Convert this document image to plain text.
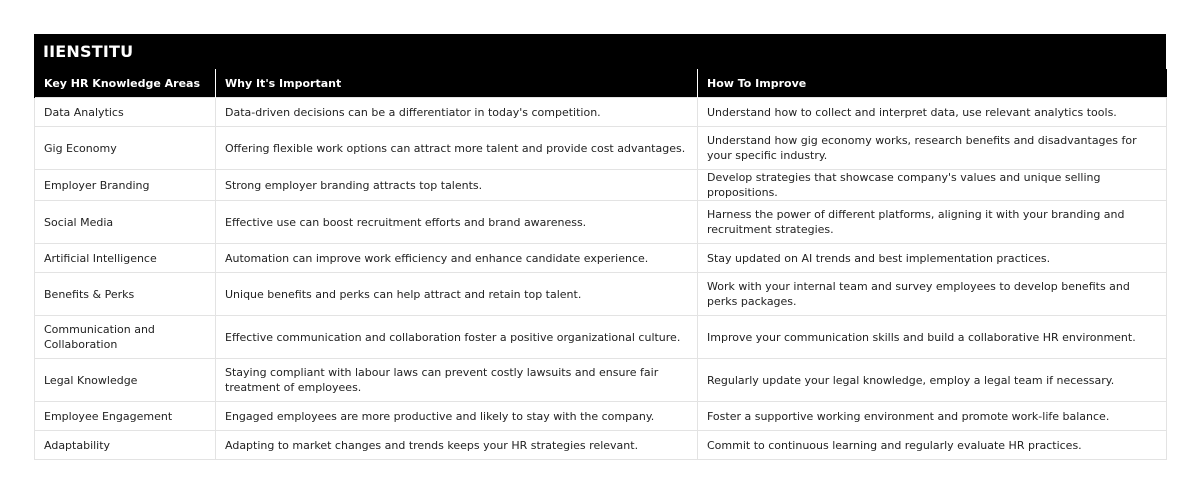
IIENSTITU
Key HR Knowledge Areas	Why It's Important	How To Improve
Data Analytics	Data-driven decisions can be a differentiator in today's competition.	Understand how to collect and interpret data, use relevant analytics tools.
Gig Economy	Offering flexible work options can attract more talent and provide cost advantages.	Understand how gig economy works, research benefits and disadvantages for your specific industry.
Employer Branding	Strong employer branding attracts top talents.	Develop strategies that showcase company's values and unique selling propositions.
Social Media	Effective use can boost recruitment efforts and brand awareness.	Harness the power of different platforms, aligning it with your branding and recruitment strategies.
Artificial Intelligence	Automation can improve work efficiency and enhance candidate experience.	Stay updated on AI trends and best implementation practices.
Benefits & Perks	Unique benefits and perks can help attract and retain top talent.	Work with your internal team and survey employees to develop benefits and perks packages.
Communication and Collaboration	Effective communication and collaboration foster a positive organizational culture.	Improve your communication skills and build a collaborative HR environment.
Legal Knowledge	Staying compliant with labour laws can prevent costly lawsuits and ensure fair treatment of employees.	Regularly update your legal knowledge, employ a legal team if necessary.
Employee Engagement	Engaged employees are more productive and likely to stay with the company.	Foster a supportive working environment and promote work-life balance.
Adaptability	Adapting to market changes and trends keeps your HR strategies relevant.	Commit to continuous learning and regularly evaluate HR practices.
